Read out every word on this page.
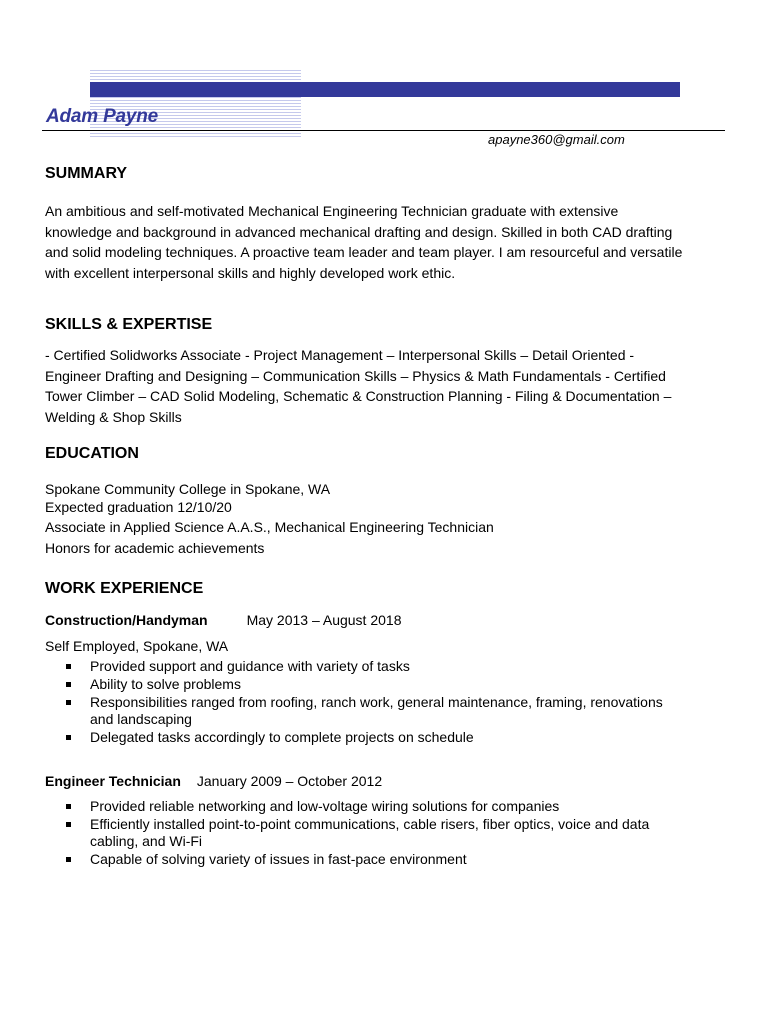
Adam Payne
apayne360@gmail.com
SUMMARY
An ambitious and self-motivated Mechanical Engineering Technician graduate with extensive knowledge and background in advanced mechanical drafting and design. Skilled in both CAD drafting and solid modeling techniques. A proactive team leader and team player. I am resourceful and versatile with excellent interpersonal skills and highly developed work ethic.
SKILLS & EXPERTISE
- Certified Solidworks Associate - Project Management – Interpersonal Skills – Detail Oriented - Engineer Drafting and Designing – Communication Skills – Physics & Math Fundamentals - Certified Tower Climber – CAD Solid Modeling, Schematic & Construction Planning - Filing & Documentation – Welding & Shop Skills
EDUCATION
Spokane Community College in Spokane, WA
Expected graduation 12/10/20
Associate in Applied Science A.A.S., Mechanical Engineering Technician
Honors for academic achievements
WORK EXPERIENCE
Construction/Handyman	May 2013 – August 2018
Self Employed, Spokane, WA
Provided support and guidance with variety of tasks
Ability to solve problems
Responsibilities ranged from roofing, ranch work, general maintenance, framing, renovations and landscaping
Delegated tasks accordingly to complete projects on schedule
Engineer Technician January 2009 – October 2012
Provided reliable networking and low-voltage wiring solutions for companies
Efficiently installed point-to-point communications, cable risers, fiber optics, voice and data cabling, and Wi-Fi
Capable of solving variety of issues in fast-pace environment
